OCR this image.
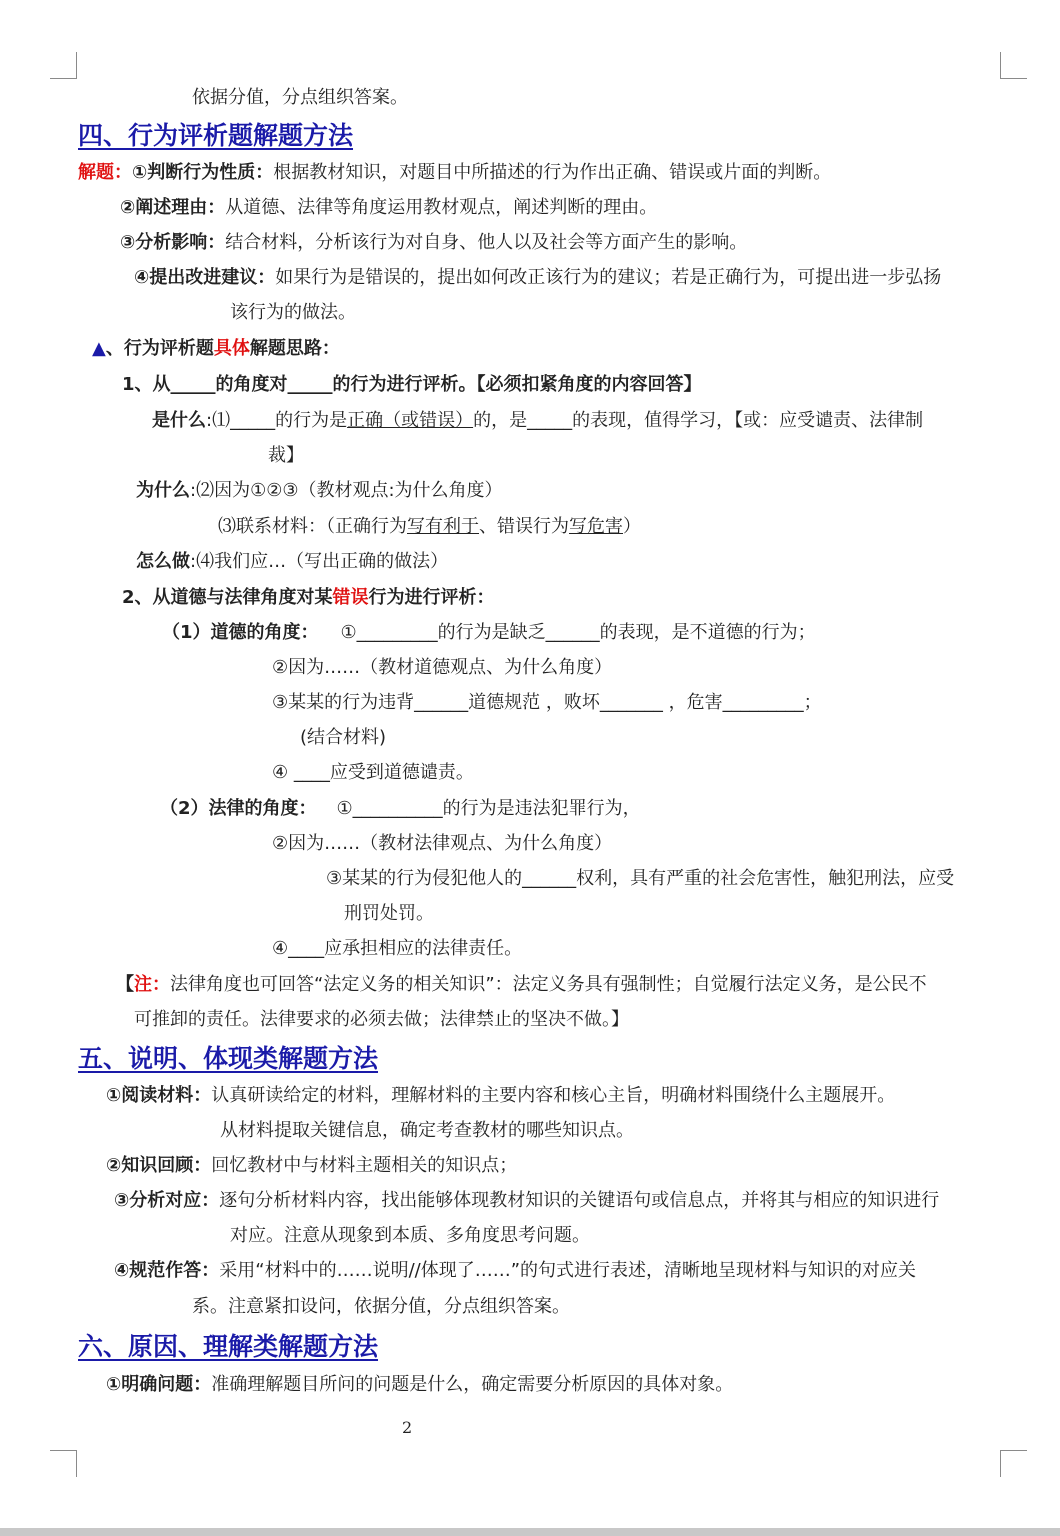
依据分值，分点组织答案。
四、行为评析题解题方法
解题：①判断行为性质：根据教材知识，对题目中所描述的行为作出正确、错误或片面的判断。
②阐述理由：从道德、法律等角度运用教材观点，阐述判断的理由。
③分析影响：结合材料，分析该行为对自身、他人以及社会等方面产生的影响。
④提出改进建议：如果行为是错误的，提出如何改正该行为的建议；若是正确行为，可提出进一步弘扬
该行为的做法。
▲、行为评析题具体解题思路：
1、从_____的角度对_____的行为进行评析。【必须扣紧角度的内容回答】
是什么:⑴_____的行为是正确（或错误）的，是_____的表现，值得学习，【或：应受谴责、法律制
裁】
为什么:⑵因为①②③（教材观点:为什么角度）
⑶联系材料：（正确行为写有利于、错误行为写危害）
怎么做:⑷我们应…（写出正确的做法）
2、从道德与法律角度对某错误行为进行评析：
（1）道德的角度： ①_________的行为是缺乏______的表现，是不道德的行为；
②因为……（教材道德观点、为什么角度）
③某某的行为违背______道德规范 ，败坏_______ ，危害_________；
(结合材料)
④ ____应受到道德谴责。
（2）法律的角度： ①__________的行为是违法犯罪行为，
②因为……（教材法律观点、为什么角度）
③某某的行为侵犯他人的______权利，具有严重的社会危害性，触犯刑法，应受
刑罚处罚。
④____应承担相应的法律责任。
【注：法律角度也可回答“法定义务的相关知识”：法定义务具有强制性；自觉履行法定义务，是公民不
可推卸的责任。法律要求的必须去做；法律禁止的坚决不做。】
五、说明、体现类解题方法
①阅读材料：认真研读给定的材料，理解材料的主要内容和核心主旨，明确材料围绕什么主题展开。
从材料提取关键信息，确定考查教材的哪些知识点。
②知识回顾：回忆教材中与材料主题相关的知识点；
③分析对应：逐句分析材料内容，找出能够体现教材知识的关键语句或信息点，并将其与相应的知识进行
对应。注意从现象到本质、多角度思考问题。
④规范作答：采用“材料中的……说明//体现了……”的句式进行表述，清晰地呈现材料与知识的对应关
系。注意紧扣设问，依据分值，分点组织答案。
六、原因、理解类解题方法
①明确问题：准确理解题目所问的问题是什么，确定需要分析原因的具体对象。
2
